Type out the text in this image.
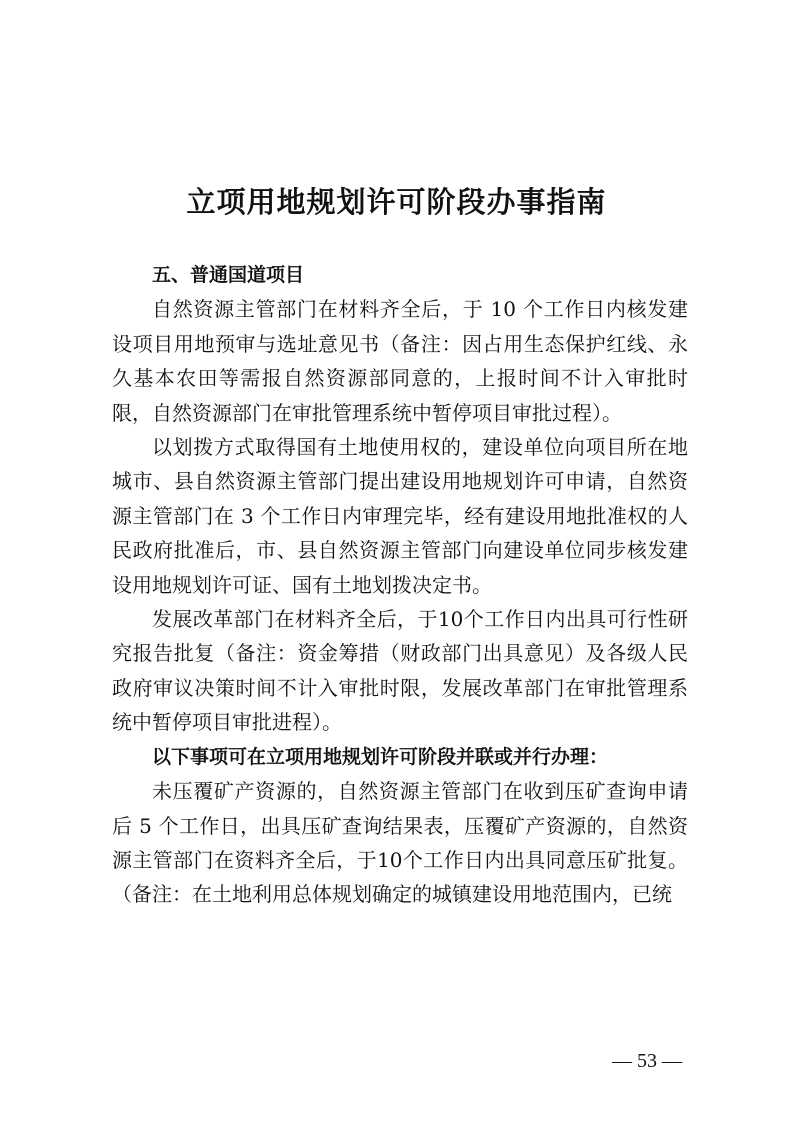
立项用地规划许可阶段办事指南

五、普通国道项目

自然资源主管部门在材料齐全后，于 10 个工作日内核发建设项目用地预审与选址意见书（备注：因占用生态保护红线、永久基本农田等需报自然资源部同意的，上报时间不计入审批时限，自然资源部门在审批管理系统中暂停项目审批过程）。

以划拨方式取得国有土地使用权的，建设单位向项目所在地城市、县自然资源主管部门提出建设用地规划许可申请，自然资源主管部门在 3 个工作日内审理完毕，经有建设用地批准权的人民政府批准后，市、县自然资源主管部门向建设单位同步核发建设用地规划许可证、国有土地划拨决定书。

发展改革部门在材料齐全后，于10个工作日内出具可行性研究报告批复（备注：资金筹措（财政部门出具意见）及各级人民政府审议决策时间不计入审批时限，发展改革部门在审批管理系统中暂停项目审批进程）。

以下事项可在立项用地规划许可阶段并联或并行办理：

未压覆矿产资源的，自然资源主管部门在收到压矿查询申请后 5 个工作日，出具压矿查询结果表，压覆矿产资源的，自然资源主管部门在资料齐全后，于10个工作日内出具同意压矿批复。（备注：在土地利用总体规划确定的城镇建设用地范围内，已统

— 53 —
